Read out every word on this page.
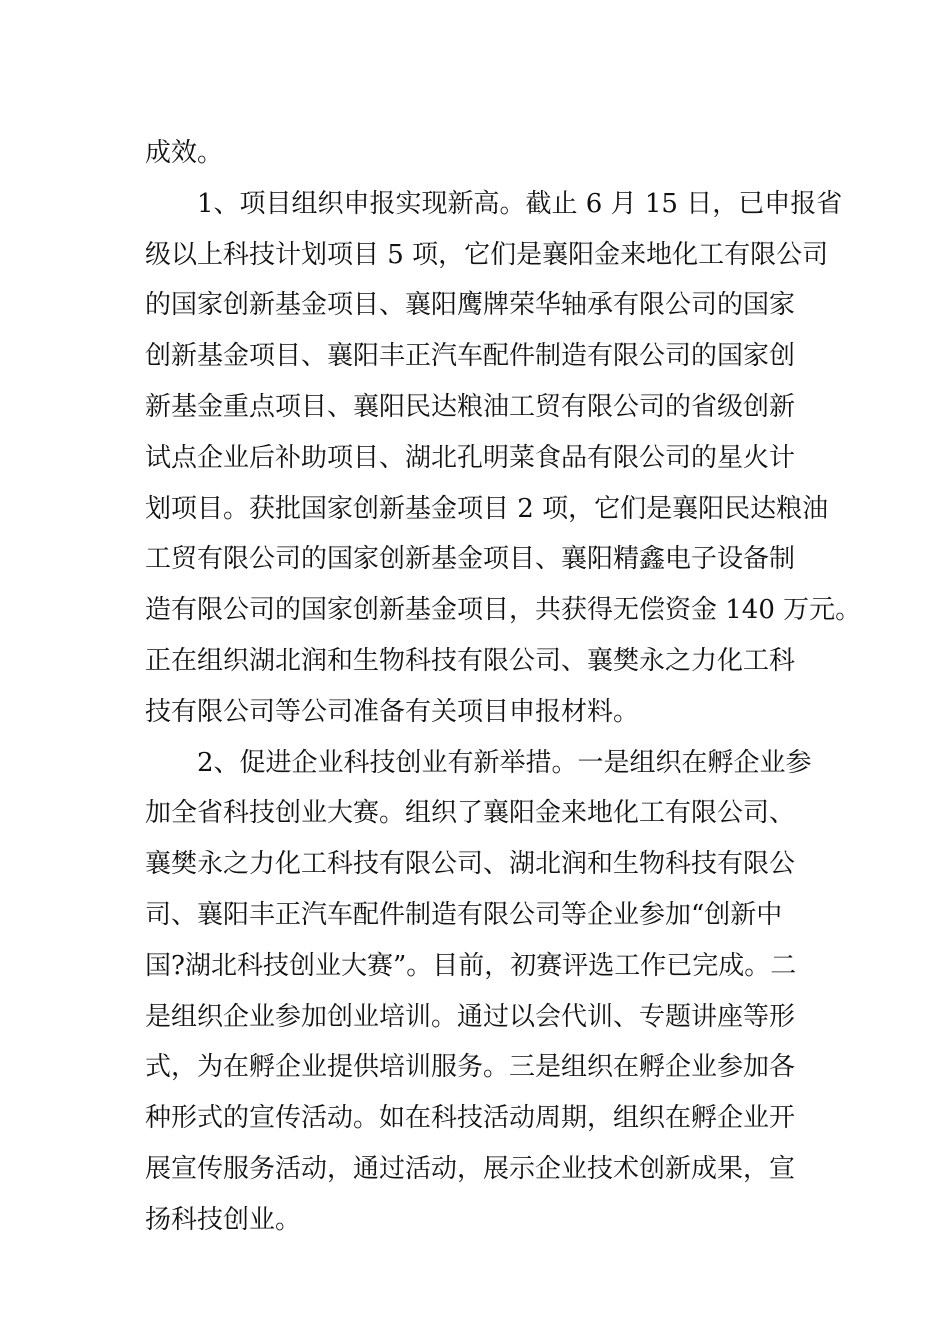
成效。
1、项目组织申报实现新高。截止 6 月 15 日，已申报省
级以上科技计划项目 5 项，它们是襄阳金来地化工有限公司
的国家创新基金项目、襄阳鹰牌荣华轴承有限公司的国家
创新基金项目、襄阳丰正汽车配件制造有限公司的国家创
新基金重点项目、襄阳民达粮油工贸有限公司的省级创新
试点企业后补助项目、湖北孔明菜食品有限公司的星火计
划项目。获批国家创新基金项目 2 项，它们是襄阳民达粮油
工贸有限公司的国家创新基金项目、襄阳精鑫电子设备制
造有限公司的国家创新基金项目，共获得无偿资金 140 万元。
正在组织湖北润和生物科技有限公司、襄樊永之力化工科
技有限公司等公司准备有关项目申报材料。
2、促进企业科技创业有新举措。一是组织在孵企业参
加全省科技创业大赛。组织了襄阳金来地化工有限公司、
襄樊永之力化工科技有限公司、湖北润和生物科技有限公
司、襄阳丰正汽车配件制造有限公司等企业参加“创新中
国?湖北科技创业大赛”。目前，初赛评选工作已完成。二
是组织企业参加创业培训。通过以会代训、专题讲座等形
式，为在孵企业提供培训服务。三是组织在孵企业参加各
种形式的宣传活动。如在科技活动周期，组织在孵企业开
展宣传服务活动，通过活动，展示企业技术创新成果，宣
扬科技创业。
